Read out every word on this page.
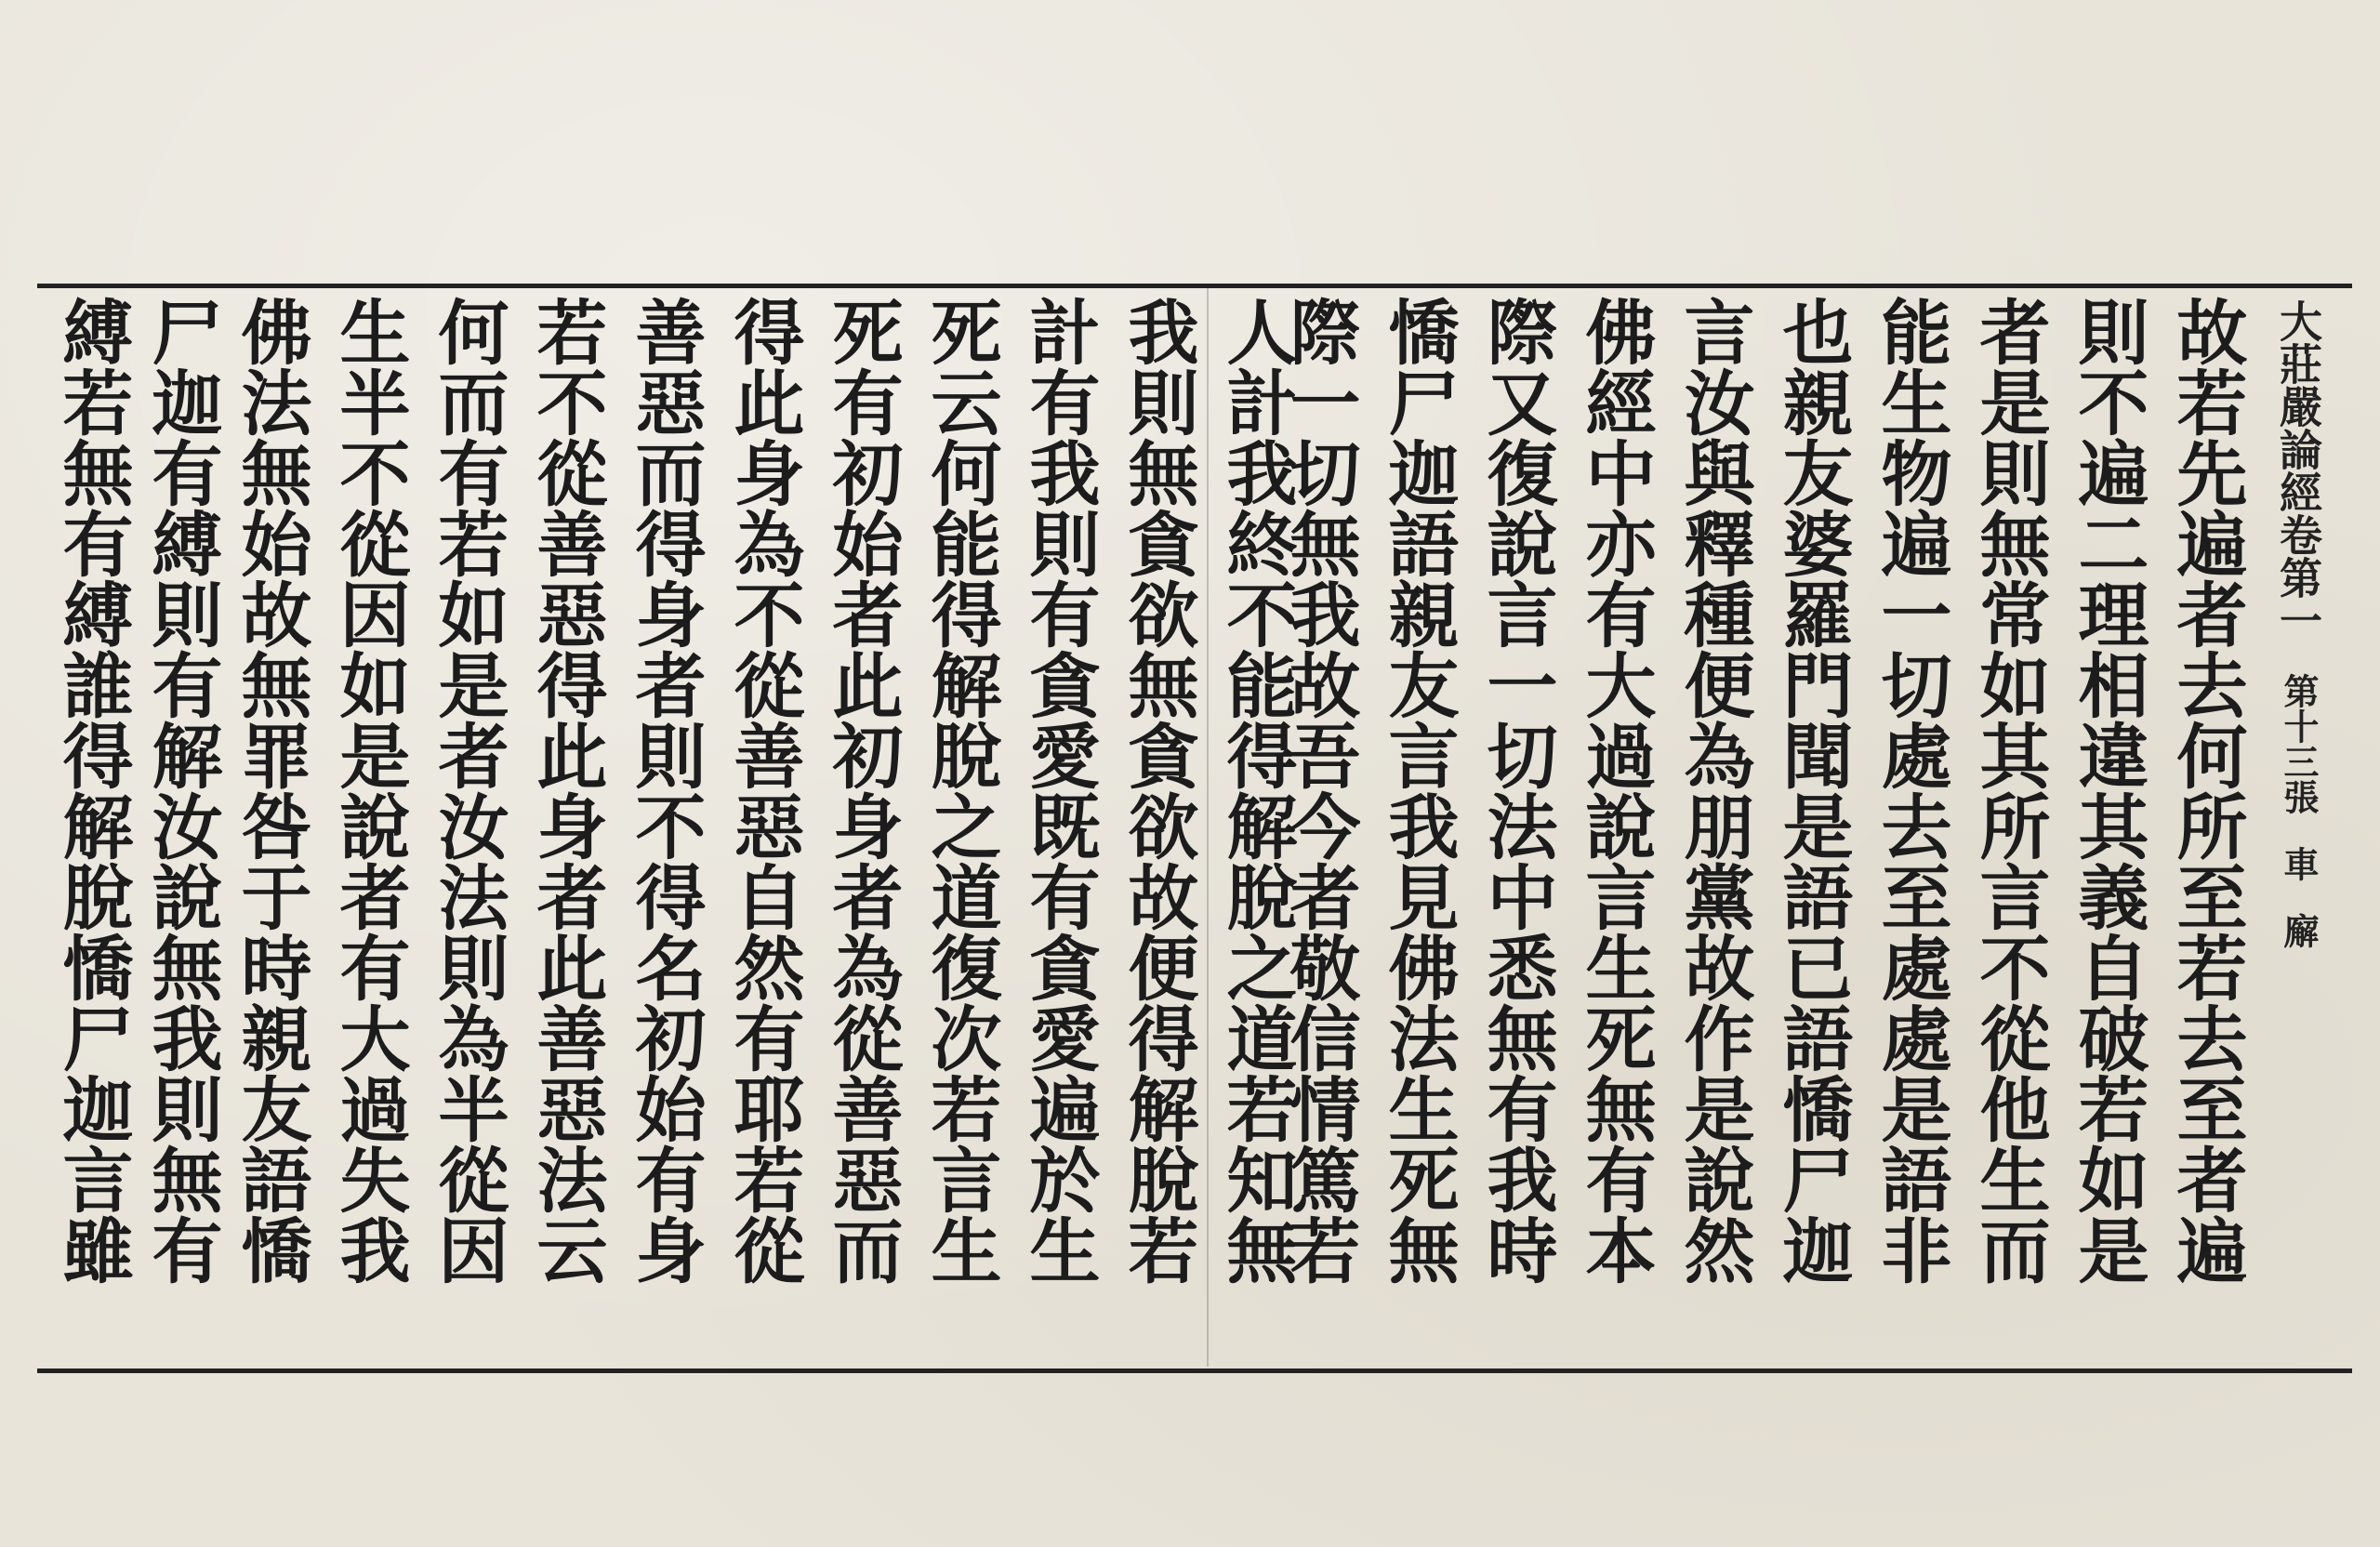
大莊嚴論經卷第一第十三張車廨
故若先遍者去何所至若去至者遍
則不遍二理相違其義自破若如是
者是則無常如其所言不從他生而
能生物遍一切處去至處處是語非
也親友婆羅門聞是語已語憍尸迦
言汝與釋種便為朋黨故作是說然
佛經中亦有大過說言生死無有本
際又復說言一切法中悉無有我時
憍尸迦語親友言我見佛法生死無
際一切無我故吾今者敬信情篤若
人計我終不能得解脫之道若知無
我則無貪欲無貪欲故便得解脫若
計有我則有貪愛既有貪愛遍於生
死云何能得解脫之道復次若言生
死有初始者此初身者為從善惡而
得此身為不從善惡自然有耶若從
善惡而得身者則不得名初始有身
若不從善惡得此身者此善惡法云
何而有若如是者汝法則為半從因
生半不從因如是說者有大過失我
佛法無始故無罪咎于時親友語憍
尸迦有縛則有解汝說無我則無有
縛若無有縛誰得解脫憍尸迦言雖
